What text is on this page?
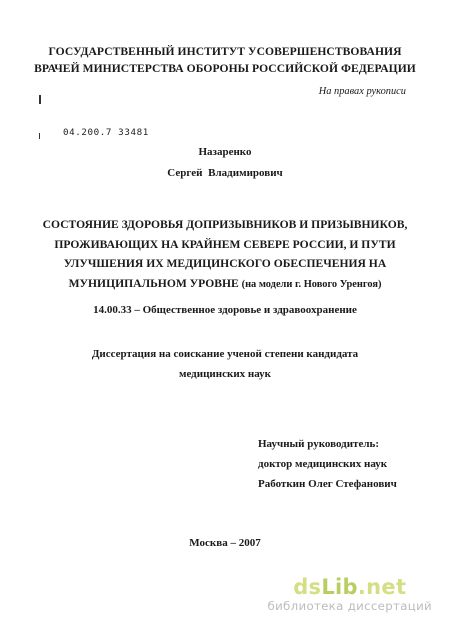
ГОСУДАРСТВЕННЫЙ ИНСТИТУТ УСОВЕРШЕНСТВОВАНИЯ
ВРАЧЕЙ МИНИСТЕРСТВА ОБОРОНЫ РОССИЙСКОЙ ФЕДЕРАЦИИ
На правах рукописи
04.200.7 33481
Назаренко
Сергей Владимирович
СОСТОЯНИЕ ЗДОРОВЬЯ ДОПРИЗЫВНИКОВ И ПРИЗЫВНИКОВ,
ПРОЖИВАЮЩИХ НА КРАЙНЕМ СЕВЕРЕ РОССИИ, И ПУТИ
УЛУЧШЕНИЯ ИХ МЕДИЦИНСКОГО ОБЕСПЕЧЕНИЯ НА
МУНИЦИПАЛЬНОМ УРОВНЕ (на модели г. Нового Уренгоя)
14.00.33 – Общественное здоровье и здравоохранение
Диссертация на соискание ученой степени кандидата
медицинских наук
Научный руководитель:
доктор медицинских наук
Работкин Олег Стефанович
Москва – 2007
dsLib.net
библиотека диссертаций
